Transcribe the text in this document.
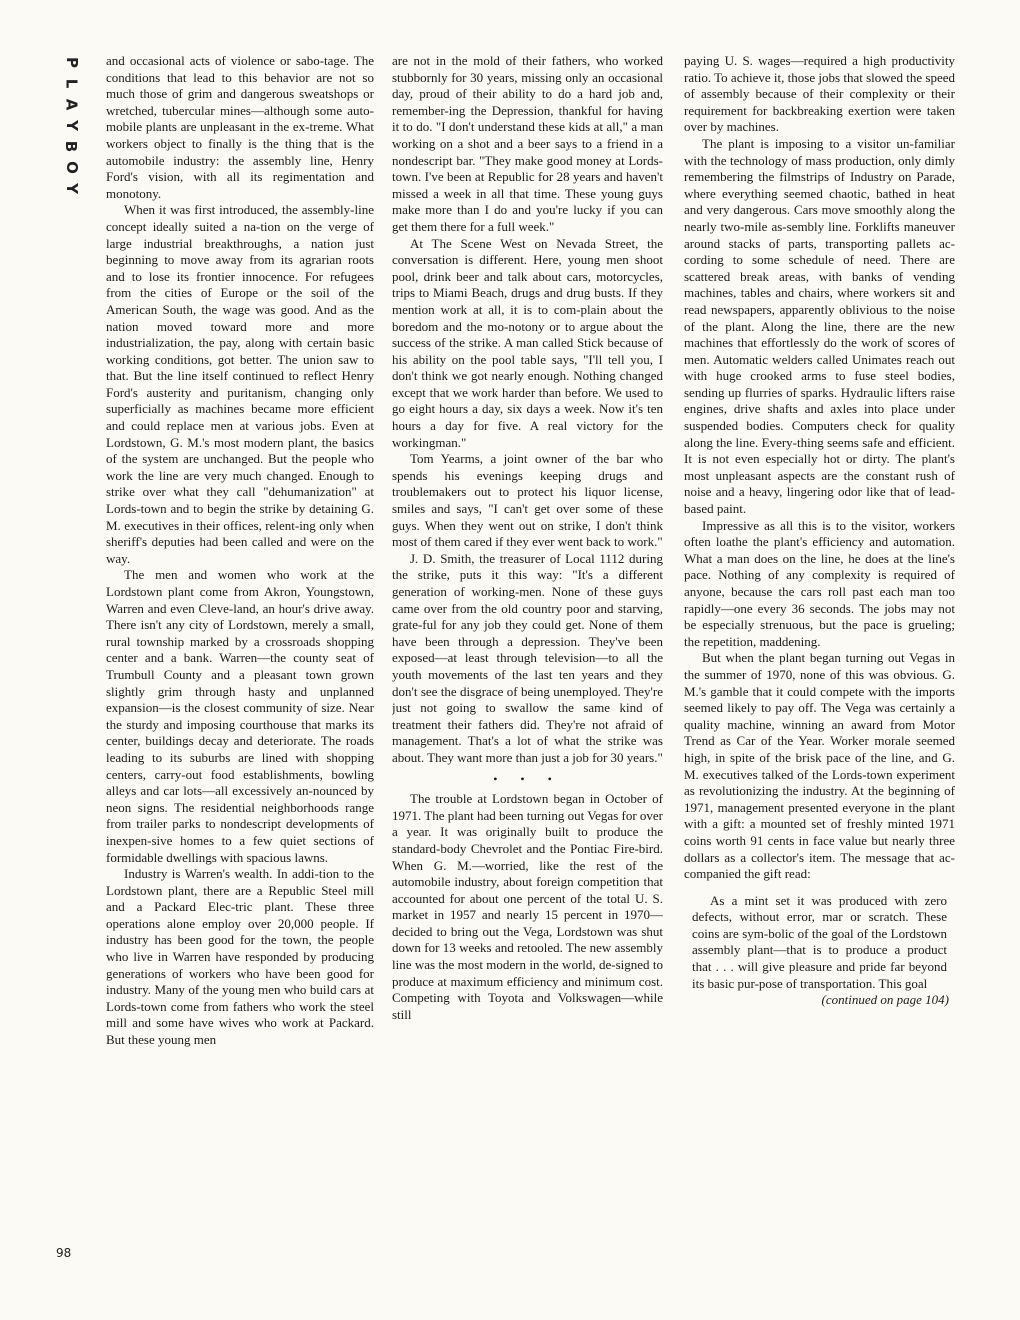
P
L
A
Y
B
O
Y
98

and occasional acts of violence or sabo-tage. The conditions that lead to this behavior are not so much those of grim and dangerous sweatshops or wretched, tubercular mines—although some auto-mobile plants are unpleasant in the ex-treme. What workers object to finally is the thing that is the automobile industry: the assembly line, Henry Ford's vision, with all its regimentation and monotony.

When it was first introduced, the assembly-line concept ideally suited a na-tion on the verge of large industrial breakthroughs, a nation just beginning to move away from its agrarian roots and to lose its frontier innocence. For refugees from the cities of Europe or the soil of the American South, the wage was good. And as the nation moved toward more and more industrialization, the pay, along with certain basic working conditions, got better. The union saw to that. But the line itself continued to reflect Henry Ford's austerity and puritanism, changing only superficially as machines became more efficient and could replace men at various jobs. Even at Lordstown, G. M.'s most modern plant, the basics of the system are unchanged. But the people who work the line are very much changed. Enough to strike over what they call "dehumanization" at Lords-town and to begin the strike by detaining G. M. executives in their offices, relent-ing only when sheriff's deputies had been called and were on the way.

The men and women who work at the Lordstown plant come from Akron, Youngstown, Warren and even Cleve-land, an hour's drive away. There isn't any city of Lordstown, merely a small, rural township marked by a crossroads shopping center and a bank. Warren—the county seat of Trumbull County and a pleasant town grown slightly grim through hasty and unplanned expansion—is the closest community of size. Near the sturdy and imposing courthouse that marks its center, buildings decay and deteriorate. The roads leading to its suburbs are lined with shopping centers, carry-out food establishments, bowling alleys and car lots—all excessively an-nounced by neon signs. The residential neighborhoods range from trailer parks to nondescript developments of inexpen-sive homes to a few quiet sections of formidable dwellings with spacious lawns.

Industry is Warren's wealth. In addi-tion to the Lordstown plant, there are a Republic Steel mill and a Packard Elec-tric plant. These three operations alone employ over 20,000 people. If industry has been good for the town, the people who live in Warren have responded by producing generations of workers who have been good for industry. Many of the young men who build cars at Lords-town come from fathers who work the steel mill and some have wives who work at Packard. But these young men

are not in the mold of their fathers, who worked stubbornly for 30 years, missing only an occasional day, proud of their ability to do a hard job and, remember-ing the Depression, thankful for having it to do. "I don't understand these kids at all," a man working on a shot and a beer says to a friend in a nondescript bar. "They make good money at Lords-town. I've been at Republic for 28 years and haven't missed a week in all that time. These young guys make more than I do and you're lucky if you can get them there for a full week."

At The Scene West on Nevada Street, the conversation is different. Here, young men shoot pool, drink beer and talk about cars, motorcycles, trips to Miami Beach, drugs and drug busts. If they mention work at all, it is to com-plain about the boredom and the mo-notony or to argue about the success of the strike. A man called Stick because of his ability on the pool table says, "I'll tell you, I don't think we got nearly enough. Nothing changed except that we work harder than before. We used to go eight hours a day, six days a week. Now it's ten hours a day for five. A real victory for the workingman."

Tom Yearms, a joint owner of the bar who spends his evenings keeping drugs and troublemakers out to protect his liquor license, smiles and says, "I can't get over some of these guys. When they went out on strike, I don't think most of them cared if they ever went back to work."

J. D. Smith, the treasurer of Local 1112 during the strike, puts it this way: "It's a different generation of working-men. None of these guys came over from the old country poor and starving, grate-ful for any job they could get. None of them have been through a depression. They've been exposed—at least through television—to all the youth movements of the last ten years and they don't see the disgrace of being unemployed. They're just not going to swallow the same kind of treatment their fathers did. They're not afraid of management. That's a lot of what the strike was about. They want more than just a job for 30 years."

• • •

The trouble at Lordstown began in October of 1971. The plant had been turning out Vegas for over a year. It was originally built to produce the standard-body Chevrolet and the Pontiac Fire-bird. When G. M.—worried, like the rest of the automobile industry, about foreign competition that accounted for about one percent of the total U. S. market in 1957 and nearly 15 percent in 1970—decided to bring out the Vega, Lordstown was shut down for 13 weeks and retooled. The new assembly line was the most modern in the world, de-signed to produce at maximum efficiency and minimum cost. Competing with Toyota and Volkswagen—while still

paying U. S. wages—required a high productivity ratio. To achieve it, those jobs that slowed the speed of assembly because of their complexity or their requirement for backbreaking exertion were taken over by machines.

The plant is imposing to a visitor un-familiar with the technology of mass production, only dimly remembering the filmstrips of Industry on Parade, where everything seemed chaotic, bathed in heat and very dangerous. Cars move smoothly along the nearly two-mile as-sembly line. Forklifts maneuver around stacks of parts, transporting pallets ac-cording to some schedule of need. There are scattered break areas, with banks of vending machines, tables and chairs, where workers sit and read newspapers, apparently oblivious to the noise of the plant. Along the line, there are the new machines that effortlessly do the work of scores of men. Automatic welders called Unimates reach out with huge crooked arms to fuse steel bodies, sending up flurries of sparks. Hydraulic lifters raise engines, drive shafts and axles into place under suspended bodies. Computers check for quality along the line. Every-thing seems safe and efficient. It is not even especially hot or dirty. The plant's most unpleasant aspects are the constant rush of noise and a heavy, lingering odor like that of lead-based paint.

Impressive as all this is to the visitor, workers often loathe the plant's efficiency and automation. What a man does on the line, he does at the line's pace. Nothing of any complexity is required of anyone, because the cars roll past each man too rapidly—one every 36 seconds. The jobs may not be especially strenuous, but the pace is grueling; the repetition, maddening.

But when the plant began turning out Vegas in the summer of 1970, none of this was obvious. G. M.'s gamble that it could compete with the imports seemed likely to pay off. The Vega was certainly a quality machine, winning an award from Motor Trend as Car of the Year. Worker morale seemed high, in spite of the brisk pace of the line, and G. M. executives talked of the Lords-town experiment as revolutionizing the industry. At the beginning of 1971, management presented everyone in the plant with a gift: a mounted set of freshly minted 1971 coins worth 91 cents in face value but nearly three dollars as a collector's item. The message that ac-companied the gift read:

As a mint set it was produced with zero defects, without error, mar or scratch. These coins are sym-bolic of the goal of the Lordstown assembly plant—that is to produce a product that . . . will give pleasure and pride far beyond its basic pur-pose of transportation. This goal

(continued on page 104)
